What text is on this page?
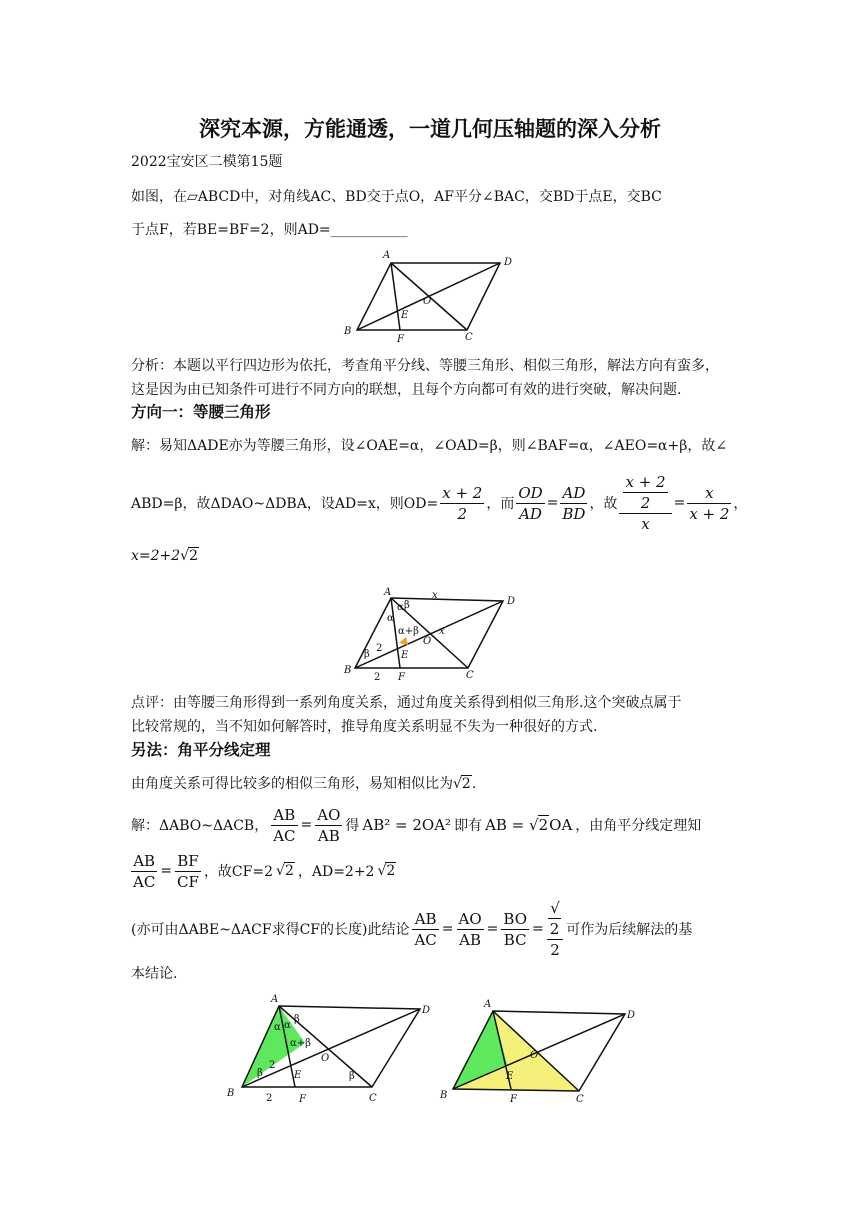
深究本源，方能通透，一道几何压轴题的深入分析
2022宝安区二模第15题
如图，在▱ABCD中，对角线AC、BD交于点O，AF平分∠BAC，交BD于点E，交BC
于点F，若BE=BF=2，则AD=___________
A
D
O
E
B
F	C
分析：本题以平行四边形为依托，考查角平分线、等腰三角形、相似三角形，解法方向有蛮多，
这是因为由已知条件可进行不同方向的联想，且每个方向都可有效的进行突破，解决问题.
方向一：等腰三角形
解：易知ΔADE亦为等腰三角形，设∠OAE=α，∠OAD=β，则∠BAF=α，∠AEO=α+β，故∠
ABD=β，故ΔDAO~ΔDBA，设AD=x，则$OD= \frac{x + 2}{2}$ ，而 $\frac{OD}{AD} = \frac{AD}{BD}$ ，故 x + 2
2
$x = \frac{x}{x + 2}$ ，
x=2+2√2
A
D
x
α
α β
α+β
O
x
β
2
E
B
2 F	C
点评：由等腰三角形得到一系列角度关系，通过角度关系得到相似三角形.这个突破点属于
比较常规的，当不知如何解答时，推导角度关系明显不失为一种很好的方式.
另法：角平分线定理
由角度关系可得比较多的相似三角形，易知相似比为√2.
解：ΔABO~ΔACB， $\frac{AB}{AC} = \frac{AO}{AB}$ 得 AB² = 2OA² 即有 AB = √2OA ，由角平分线定理知
$\frac{AB}{AC} = \frac{BF}{CF}$ ，故CF=2 √2 ，AD=2+2 √2
(亦可由ΔABE~ΔACF求得CF的长度)此结论 $\frac{AB}{AC} = \frac{AO}{AB} = \frac{BO}{BC}$ = √
2
2 可作为后续解法的基
本结论.
A
D
α α
β
α+β
O
β
2
E	β
B	2	F	C
A
D
O
E
B	F	C
